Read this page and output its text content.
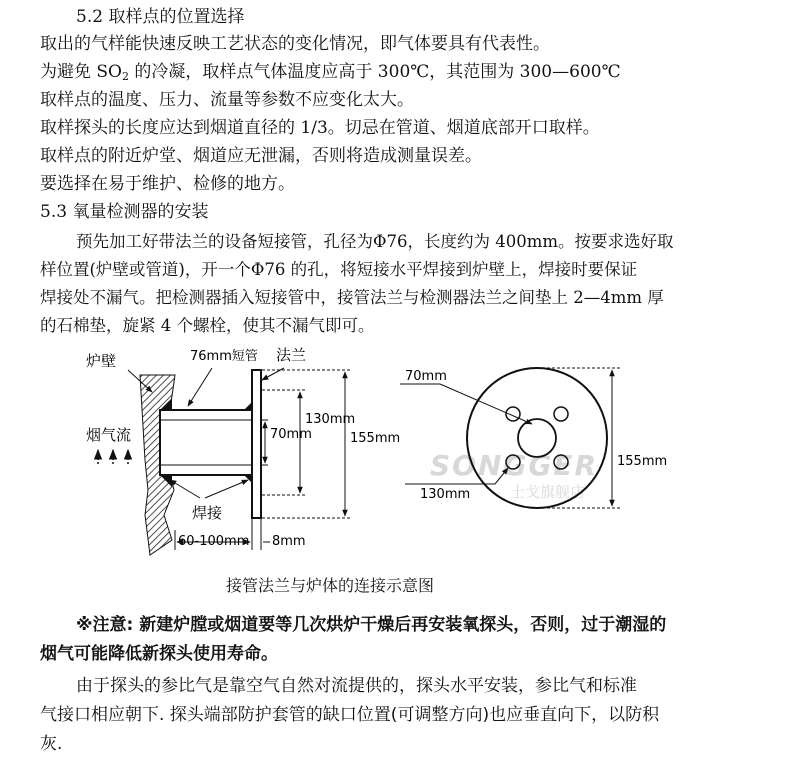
5.2 取样点的位置选择
取出的气样能快速反映工艺状态的变化情况，即气体要具有代表性。
为避免 $SO_2$ 的冷凝，取样点气体温度应高于 300℃，其范围为 300—600℃
取样点的温度、压力、流量等参数不应变化太大。
取样探头的长度应达到烟道直径的 1/3。切忌在管道、烟道底部开口取样。
取样点的附近炉堂、烟道应无泄漏，否则将造成测量误差。
要选择在易于维护、检修的地方。
5.3 氧量检测器的安装
预先加工好带法兰的设备短接管，孔径为Φ76，长度约为 400mm。按要求选好取
样位置(炉壁或管道)，开一个Φ76 的孔，将短接水平焊接到炉壁上，焊接时要保证
焊接处不漏气。把检测器插入短接管中，接管法兰与检测器法兰之间垫上 2—4mm 厚
的石棉垫，旋紧 4 个螺栓，使其不漏气即可。
SONGGER
士戈旗舰店
炉壁	76mm短管 法兰
烟气流
焊接
130mm
70mm	155mm
60-100mm 8mm
70mm
155mm
130mm
接管法兰与炉体的连接示意图
※注意: 新建炉膛或烟道要等几次烘炉干燥后再安装氧探头，否则，过于潮湿的
烟气可能降低新探头使用寿命。
由于探头的参比气是靠空气自然对流提供的，探头水平安装，参比气和标准
气接口相应朝下. 探头端部防护套管的缺口位置(可调整方向)也应垂直向下，以防积
灰.
